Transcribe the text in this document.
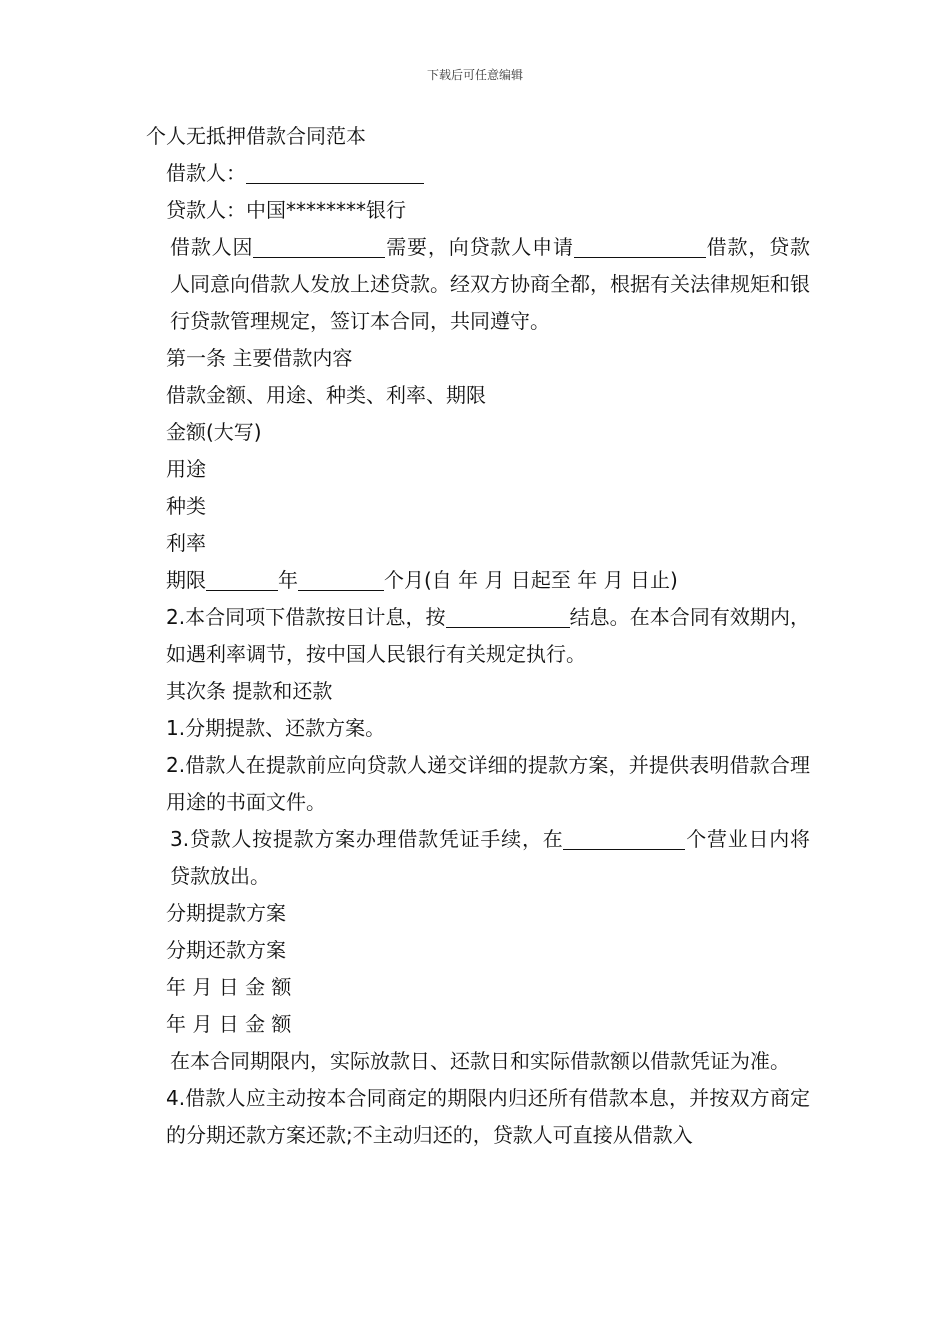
下载后可任意编辑

个人无抵押借款合同范本

借款人：

贷款人：中国********银行

借款人因	需要，向贷款人申请	借款，贷款人同意向借款人发放上述贷款。经双方协商全都，根据有关法律规矩和银行贷款管理规定，签订本合同，共同遵守。

第一条 主要借款内容

借款金额、用途、种类、利率、期限

金额(大写)

用途

种类

利率

期限	年	个月(自 年 月 日起至 年 月 日止)

2.本合同项下借款按日计息，按	结息。在本合同有效期内，如遇利率调节，按中国人民银行有关规定执行。

其次条 提款和还款

1.分期提款、还款方案。

2.借款人在提款前应向贷款人递交详细的提款方案，并提供表明借款合理用途的书面文件。

3.贷款人按提款方案办理借款凭证手续，在	个营业日内将贷款放出。

分期提款方案

分期还款方案

年 月 日 金 额

年 月 日 金 额

在本合同期限内，实际放款日、还款日和实际借款额以借款凭证为准。

4.借款人应主动按本合同商定的期限内归还所有借款本息，并按双方商定的分期还款方案还款;不主动归还的，贷款人可直接从借款入
